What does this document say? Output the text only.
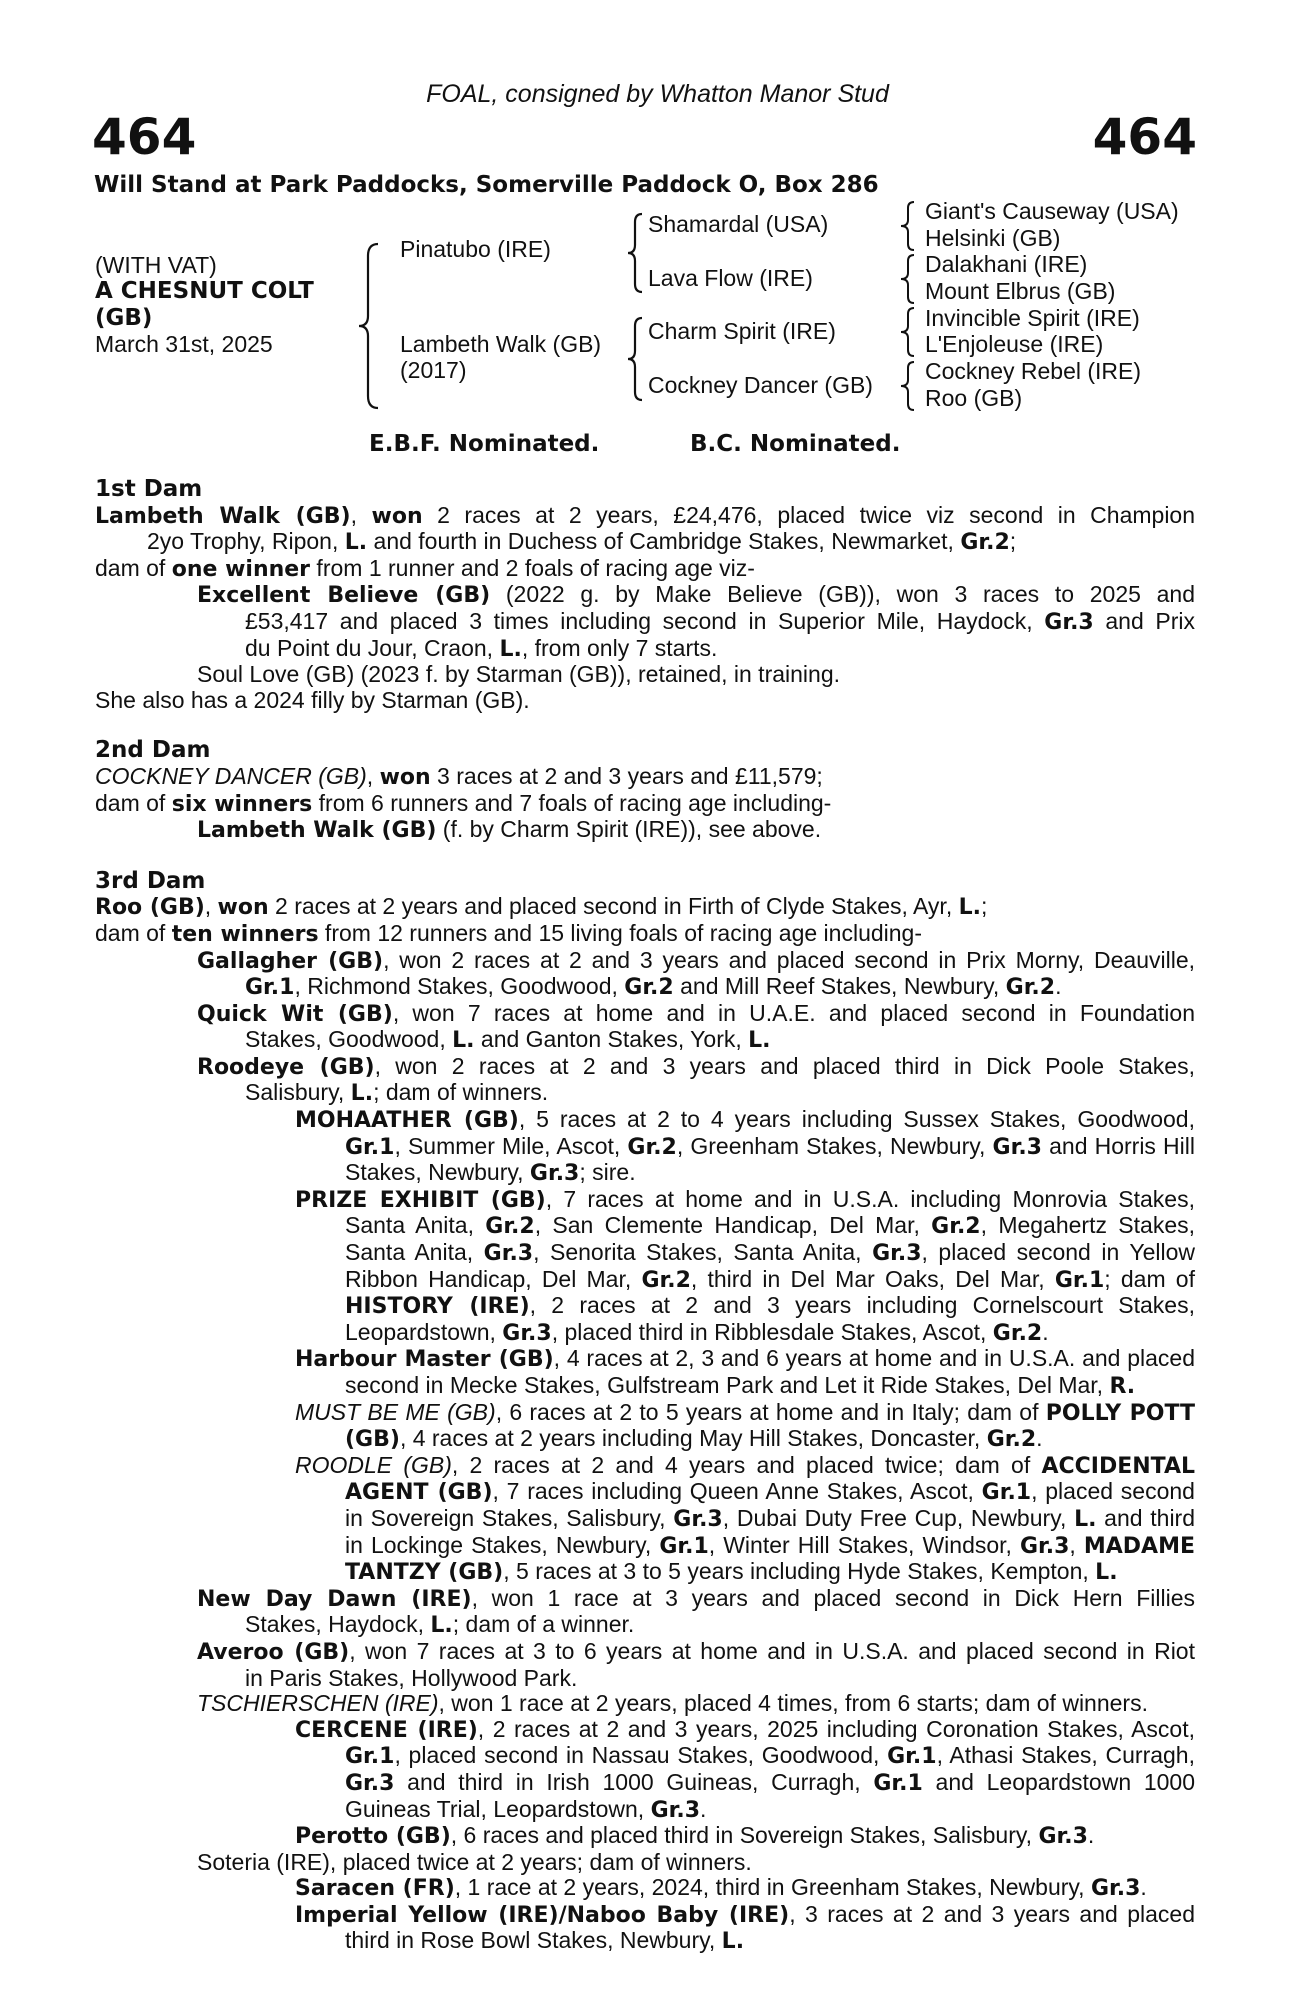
FOAL, consigned by Whatton Manor Stud
464	464
Will Stand at Park Paddocks, Somerville Paddock O, Box 286
(WITH VAT)
A CHESNUT COLT
(GB)
March 31st, 2025
Pinatubo (IRE)
Lambeth Walk (GB)
(2017)
Shamardal (USA)
Lava Flow (IRE)
Charm Spirit (IRE)
Cockney Dancer (GB)
Giant's Causeway (USA)
Helsinki (GB)
Dalakhani (IRE)
Mount Elbrus (GB)
Invincible Spirit (IRE)
L'Enjoleuse (IRE)
Cockney Rebel (IRE)
Roo (GB)
E.B.F. Nominated.	B.C. Nominated.
1st Dam
Lambeth Walk (GB), won 2 races at 2 years, £24,476, placed twice viz second in Champion
2yo Trophy, Ripon, L. and fourth in Duchess of Cambridge Stakes, Newmarket, Gr.2;
dam of one winner from 1 runner and 2 foals of racing age viz-
Excellent Believe (GB) (2022 g. by Make Believe (GB)), won 3 races to 2025 and
£53,417 and placed 3 times including second in Superior Mile, Haydock, Gr.3 and Prix
du Point du Jour, Craon, L., from only 7 starts.
Soul Love (GB) (2023 f. by Starman (GB)), retained, in training.
She also has a 2024 filly by Starman (GB).
2nd Dam
COCKNEY DANCER (GB), won 3 races at 2 and 3 years and £11,579;
dam of six winners from 6 runners and 7 foals of racing age including-
Lambeth Walk (GB) (f. by Charm Spirit (IRE)), see above.
3rd Dam
Roo (GB), won 2 races at 2 years and placed second in Firth of Clyde Stakes, Ayr, L.;
dam of ten winners from 12 runners and 15 living foals of racing age including-
Gallagher (GB), won 2 races at 2 and 3 years and placed second in Prix Morny, Deauville,
Gr.1, Richmond Stakes, Goodwood, Gr.2 and Mill Reef Stakes, Newbury, Gr.2.
Quick Wit (GB), won 7 races at home and in U.A.E. and placed second in Foundation
Stakes, Goodwood, L. and Ganton Stakes, York, L.
Roodeye (GB), won 2 races at 2 and 3 years and placed third in Dick Poole Stakes,
Salisbury, L.; dam of winners.
MOHAATHER (GB), 5 races at 2 to 4 years including Sussex Stakes, Goodwood,
Gr.1, Summer Mile, Ascot, Gr.2, Greenham Stakes, Newbury, Gr.3 and Horris Hill
Stakes, Newbury, Gr.3; sire.
PRIZE EXHIBIT (GB), 7 races at home and in U.S.A. including Monrovia Stakes,
Santa Anita, Gr.2, San Clemente Handicap, Del Mar, Gr.2, Megahertz Stakes,
Santa Anita, Gr.3, Senorita Stakes, Santa Anita, Gr.3, placed second in Yellow
Ribbon Handicap, Del Mar, Gr.2, third in Del Mar Oaks, Del Mar, Gr.1; dam of
HISTORY (IRE), 2 races at 2 and 3 years including Cornelscourt Stakes,
Leopardstown, Gr.3, placed third in Ribblesdale Stakes, Ascot, Gr.2.
Harbour Master (GB), 4 races at 2, 3 and 6 years at home and in U.S.A. and placed
second in Mecke Stakes, Gulfstream Park and Let it Ride Stakes, Del Mar, R.
MUST BE ME (GB), 6 races at 2 to 5 years at home and in Italy; dam of POLLY POTT
(GB), 4 races at 2 years including May Hill Stakes, Doncaster, Gr.2.
ROODLE (GB), 2 races at 2 and 4 years and placed twice; dam of ACCIDENTAL
AGENT (GB), 7 races including Queen Anne Stakes, Ascot, Gr.1, placed second
in Sovereign Stakes, Salisbury, Gr.3, Dubai Duty Free Cup, Newbury, L. and third
in Lockinge Stakes, Newbury, Gr.1, Winter Hill Stakes, Windsor, Gr.3, MADAME
TANTZY (GB), 5 races at 3 to 5 years including Hyde Stakes, Kempton, L.
New Day Dawn (IRE), won 1 race at 3 years and placed second in Dick Hern Fillies
Stakes, Haydock, L.; dam of a winner.
Averoo (GB), won 7 races at 3 to 6 years at home and in U.S.A. and placed second in Riot
in Paris Stakes, Hollywood Park.
TSCHIERSCHEN (IRE), won 1 race at 2 years, placed 4 times, from 6 starts; dam of winners.
CERCENE (IRE), 2 races at 2 and 3 years, 2025 including Coronation Stakes, Ascot,
Gr.1, placed second in Nassau Stakes, Goodwood, Gr.1, Athasi Stakes, Curragh,
Gr.3 and third in Irish 1000 Guineas, Curragh, Gr.1 and Leopardstown 1000
Guineas Trial, Leopardstown, Gr.3.
Perotto (GB), 6 races and placed third in Sovereign Stakes, Salisbury, Gr.3.
Soteria (IRE), placed twice at 2 years; dam of winners.
Saracen (FR), 1 race at 2 years, 2024, third in Greenham Stakes, Newbury, Gr.3.
Imperial Yellow (IRE)/Naboo Baby (IRE), 3 races at 2 and 3 years and placed
third in Rose Bowl Stakes, Newbury, L.
